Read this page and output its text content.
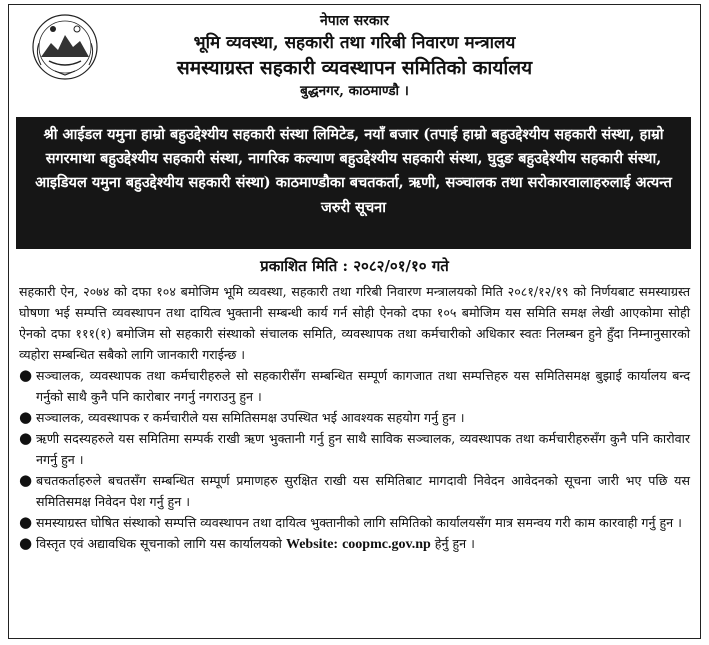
नेपाल सरकार
भूमि व्यवस्था, सहकारी तथा गरिबी निवारण मन्त्रालय
समस्याग्रस्त सहकारी व्यवस्थापन समितिको कार्यालय
बुद्धनगर, काठमाण्डौ ।
श्री आईडल यमुना हाम्रो बहुउद्देश्यीय सहकारी संस्था लिमिटेड, नयाँ बजार (तपाई हाम्रो बहुउद्देश्यीय सहकारी संस्था, हाम्रो सगरमाथा बहुउद्देश्यीय सहकारी संस्था, नागरिक कल्याण बहुउद्देश्यीय सहकारी संस्था, घुदुङ बहुउद्देश्यीय सहकारी संस्था, आइडियल यमुना बहुउद्देश्यीय सहकारी संस्था) काठमाण्डौका बचतकर्ता, ऋणी, सञ्चालक तथा सरोकारवालाहरुलाई अत्यन्त जरुरी सूचना
प्रकाशित मिति : २०८२/०१/१० गते

सहकारी ऐन, २०७४ को दफा १०४ बमोजिम भूमि व्यवस्था, सहकारी तथा गरिबी निवारण मन्त्रालयको मिति २०८१/१२/१९ को निर्णयबाट समस्याग्रस्त घोषणा भई सम्पत्ति व्यवस्थापन तथा दायित्व भुक्तानी सम्बन्धी कार्य गर्न सोही ऐनको दफा १०५ बमोजिम यस समिति समक्ष लेखी आएकोमा सोही ऐनको दफा १११(१) बमोजिम सो सहकारी संस्थाको संचालक समिति, व्यवस्थापक तथा कर्मचारीको अधिकार स्वतः निलम्बन हुने हुँदा निम्नानुसारको व्यहोरा सम्बन्धित सबैको लागि जानकारी गराईन्छ ।

● सञ्चालक, व्यवस्थापक तथा कर्मचारीहरुले सो सहकारीसँग सम्बन्धित सम्पूर्ण कागजात तथा सम्पत्तिहरु यस समितिसमक्ष बुझाई कार्यालय बन्द गर्नुको साथै कुनै पनि कारोबार नगर्नु नगराउनु हुन ।
● सञ्चालक, व्यवस्थापक र कर्मचारीले यस समितिसमक्ष उपस्थित भई आवश्यक सहयोग गर्नु हुन ।
● ऋणी सदस्यहरुले यस समितिमा सम्पर्क राखी ऋण भुक्तानी गर्नु हुन साथै साविक सञ्चालक, व्यवस्थापक तथा कर्मचारीहरुसँग कुनै पनि कारोवार नगर्नु हुन ।
● बचतकर्ताहरुले बचतसँग सम्बन्धित सम्पूर्ण प्रमाणहरु सुरक्षित राखी यस समितिबाट मागदावी निवेदन आवेदनको सूचना जारी भए पछि यस समितिसमक्ष निवेदन पेश गर्नु हुन ।
● समस्याग्रस्त घोषित संस्थाको सम्पत्ति व्यवस्थापन तथा दायित्व भुक्तानीको लागि समितिको कार्यालयसँग मात्र समन्वय गरी काम कारवाही गर्नु हुन ।
● विस्तृत एवं अद्यावधिक सूचनाको लागि यस कार्यालयको Website: coopmc.gov.np हेर्नु हुन ।
